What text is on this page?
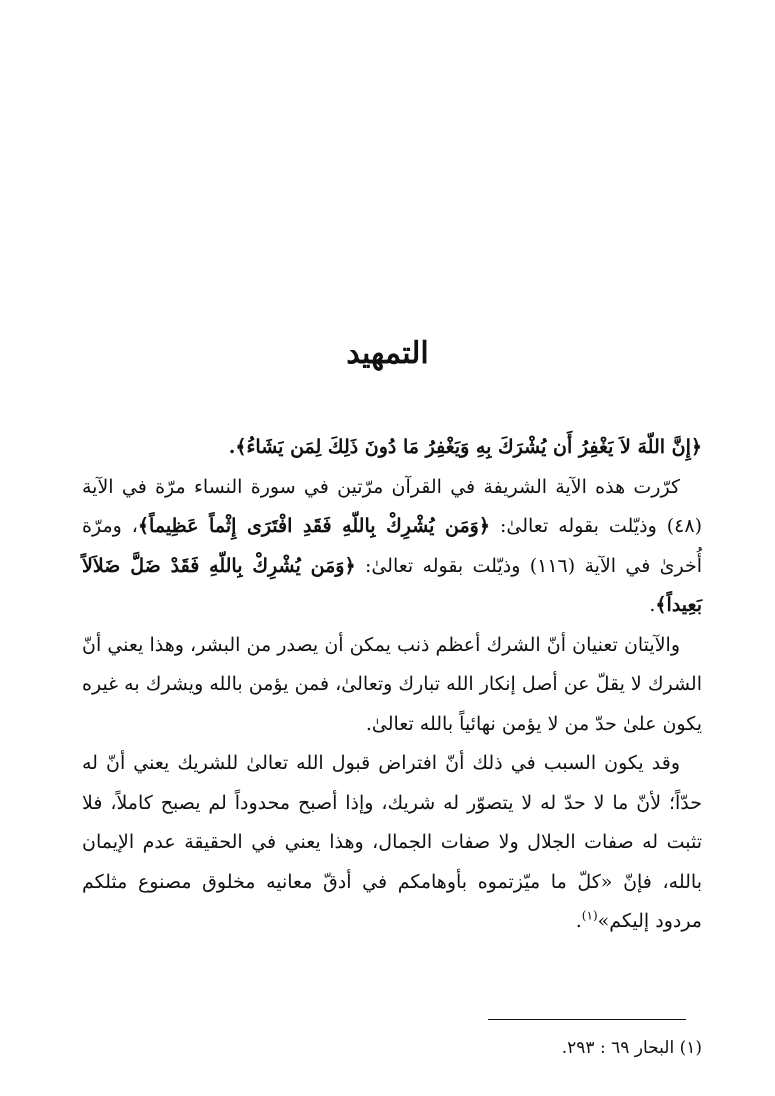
التمهيد

﴿إِنَّ اللّهَ لاَ يَغْفِرُ أَن يُشْرَكَ بِهِ وَيَغْفِرُ مَا دُونَ ذَلِكَ لِمَن يَشَاءُ﴾.

كرّرت هذه الآية الشريفة في القرآن مرّتين في سورة النساء مرّة في الآية (٤٨) وذيّلت بقوله تعالىٰ: ﴿وَمَن يُشْرِكْ بِاللّهِ فَقَدِ افْتَرَى إِثْماً عَظِيماً﴾، ومرّة أُخرىٰ في الآية (١١٦) وذيّلت بقوله تعالىٰ: ﴿وَمَن يُشْرِكْ بِاللّهِ فَقَدْ ضَلَّ ضَلاَلاً بَعِيداً﴾.

والآيتان تعنيان أنّ الشرك أعظم ذنب يمكن أن يصدر من البشر، وهذا يعني أنّ الشرك لا يقلّ عن أصل إنكار الله تبارك وتعالىٰ، فمن يؤمن بالله ويشرك به غيره يكون علىٰ حدّ من لا يؤمن نهائياً بالله تعالىٰ.

وقد يكون السبب في ذلك أنّ افتراض قبول الله تعالىٰ للشريك يعني أنّ له حدّاً؛ لأنّ ما لا حدّ له لا يتصوّر له شريك، وإذا أصبح محدوداً لم يصبح كاملاً، فلا تثبت له صفات الجلال ولا صفات الجمال، وهذا يعني في الحقيقة عدم الإيمان بالله، فإنّ «كلّ ما ميّزتموه بأوهامكم في أدقّ معانيه مخلوق مصنوع مثلكم مردود إليكم»$^{(١)}$.

(١) البحار ٦٩ : ٢٩٣.
